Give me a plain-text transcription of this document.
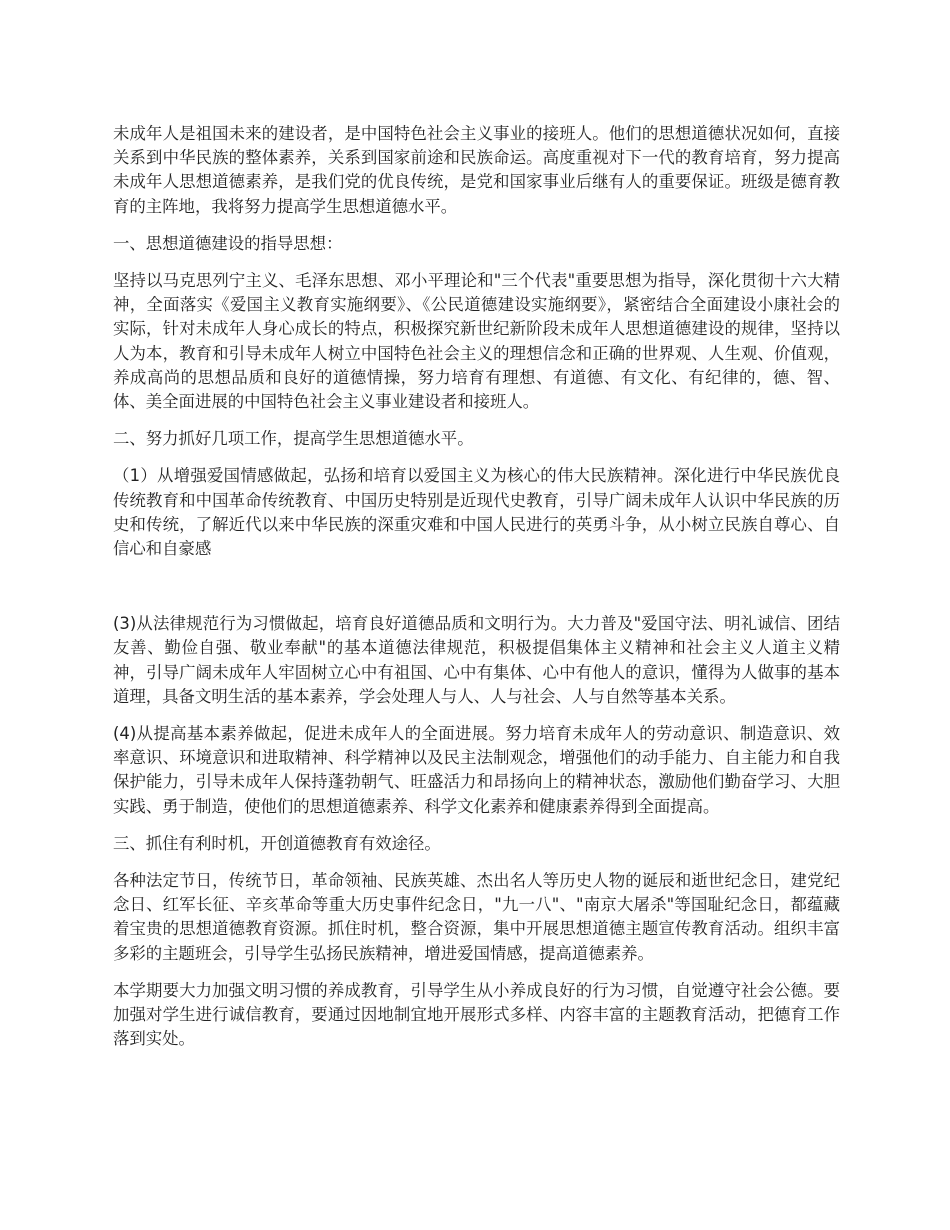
未成年人是祖国未来的建设者，是中国特色社会主义事业的接班人。他们的思想道德状况如何，直接关系到中华民族的整体素养，关系到国家前途和民族命运。高度重视对下一代的教育培育，努力提高未成年人思想道德素养，是我们党的优良传统，是党和国家事业后继有人的重要保证。班级是德育教育的主阵地，我将努力提高学生思想道德水平。

一、思想道德建设的指导思想：

坚持以马克思列宁主义、毛泽东思想、邓小平理论和"三个代表"重要思想为指导，深化贯彻十六大精神，全面落实《爱国主义教育实施纲要》、《公民道德建设实施纲要》，紧密结合全面建设小康社会的实际，针对未成年人身心成长的特点，积极探究新世纪新阶段未成年人思想道德建设的规律，坚持以人为本，教育和引导未成年人树立中国特色社会主义的理想信念和正确的世界观、人生观、价值观，养成高尚的思想品质和良好的道德情操，努力培育有理想、有道德、有文化、有纪律的，德、智、体、美全面进展的中国特色社会主义事业建设者和接班人。

二、努力抓好几项工作，提高学生思想道德水平。

（1）从增强爱国情感做起，弘扬和培育以爱国主义为核心的伟大民族精神。深化进行中华民族优良传统教育和中国革命传统教育、中国历史特别是近现代史教育，引导广阔未成年人认识中华民族的历史和传统，了解近代以来中华民族的深重灾难和中国人民进行的英勇斗争，从小树立民族自尊心、自信心和自豪感

(3)从法律规范行为习惯做起，培育良好道德品质和文明行为。大力普及"爱国守法、明礼诚信、团结友善、勤俭自强、敬业奉献"的基本道德法律规范，积极提倡集体主义精神和社会主义人道主义精神，引导广阔未成年人牢固树立心中有祖国、心中有集体、心中有他人的意识，懂得为人做事的基本道理，具备文明生活的基本素养，学会处理人与人、人与社会、人与自然等基本关系。

(4)从提高基本素养做起，促进未成年人的全面进展。努力培育未成年人的劳动意识、制造意识、效率意识、环境意识和进取精神、科学精神以及民主法制观念，增强他们的动手能力、自主能力和自我保护能力，引导未成年人保持蓬勃朝气、旺盛活力和昂扬向上的精神状态，激励他们勤奋学习、大胆实践、勇于制造，使他们的思想道德素养、科学文化素养和健康素养得到全面提高。

三、抓住有利时机，开创道德教育有效途径。

各种法定节日，传统节日，革命领袖、民族英雄、杰出名人等历史人物的诞辰和逝世纪念日，建党纪念日、红军长征、辛亥革命等重大历史事件纪念日，"九一八"、"南京大屠杀"等国耻纪念日，都蕴藏着宝贵的思想道德教育资源。抓住时机，整合资源，集中开展思想道德主题宣传教育活动。组织丰富多彩的主题班会，引导学生弘扬民族精神，增进爱国情感，提高道德素养。

本学期要大力加强文明习惯的养成教育，引导学生从小养成良好的行为习惯，自觉遵守社会公德。要加强对学生进行诚信教育，要通过因地制宜地开展形式多样、内容丰富的主题教育活动，把德育工作落到实处。
